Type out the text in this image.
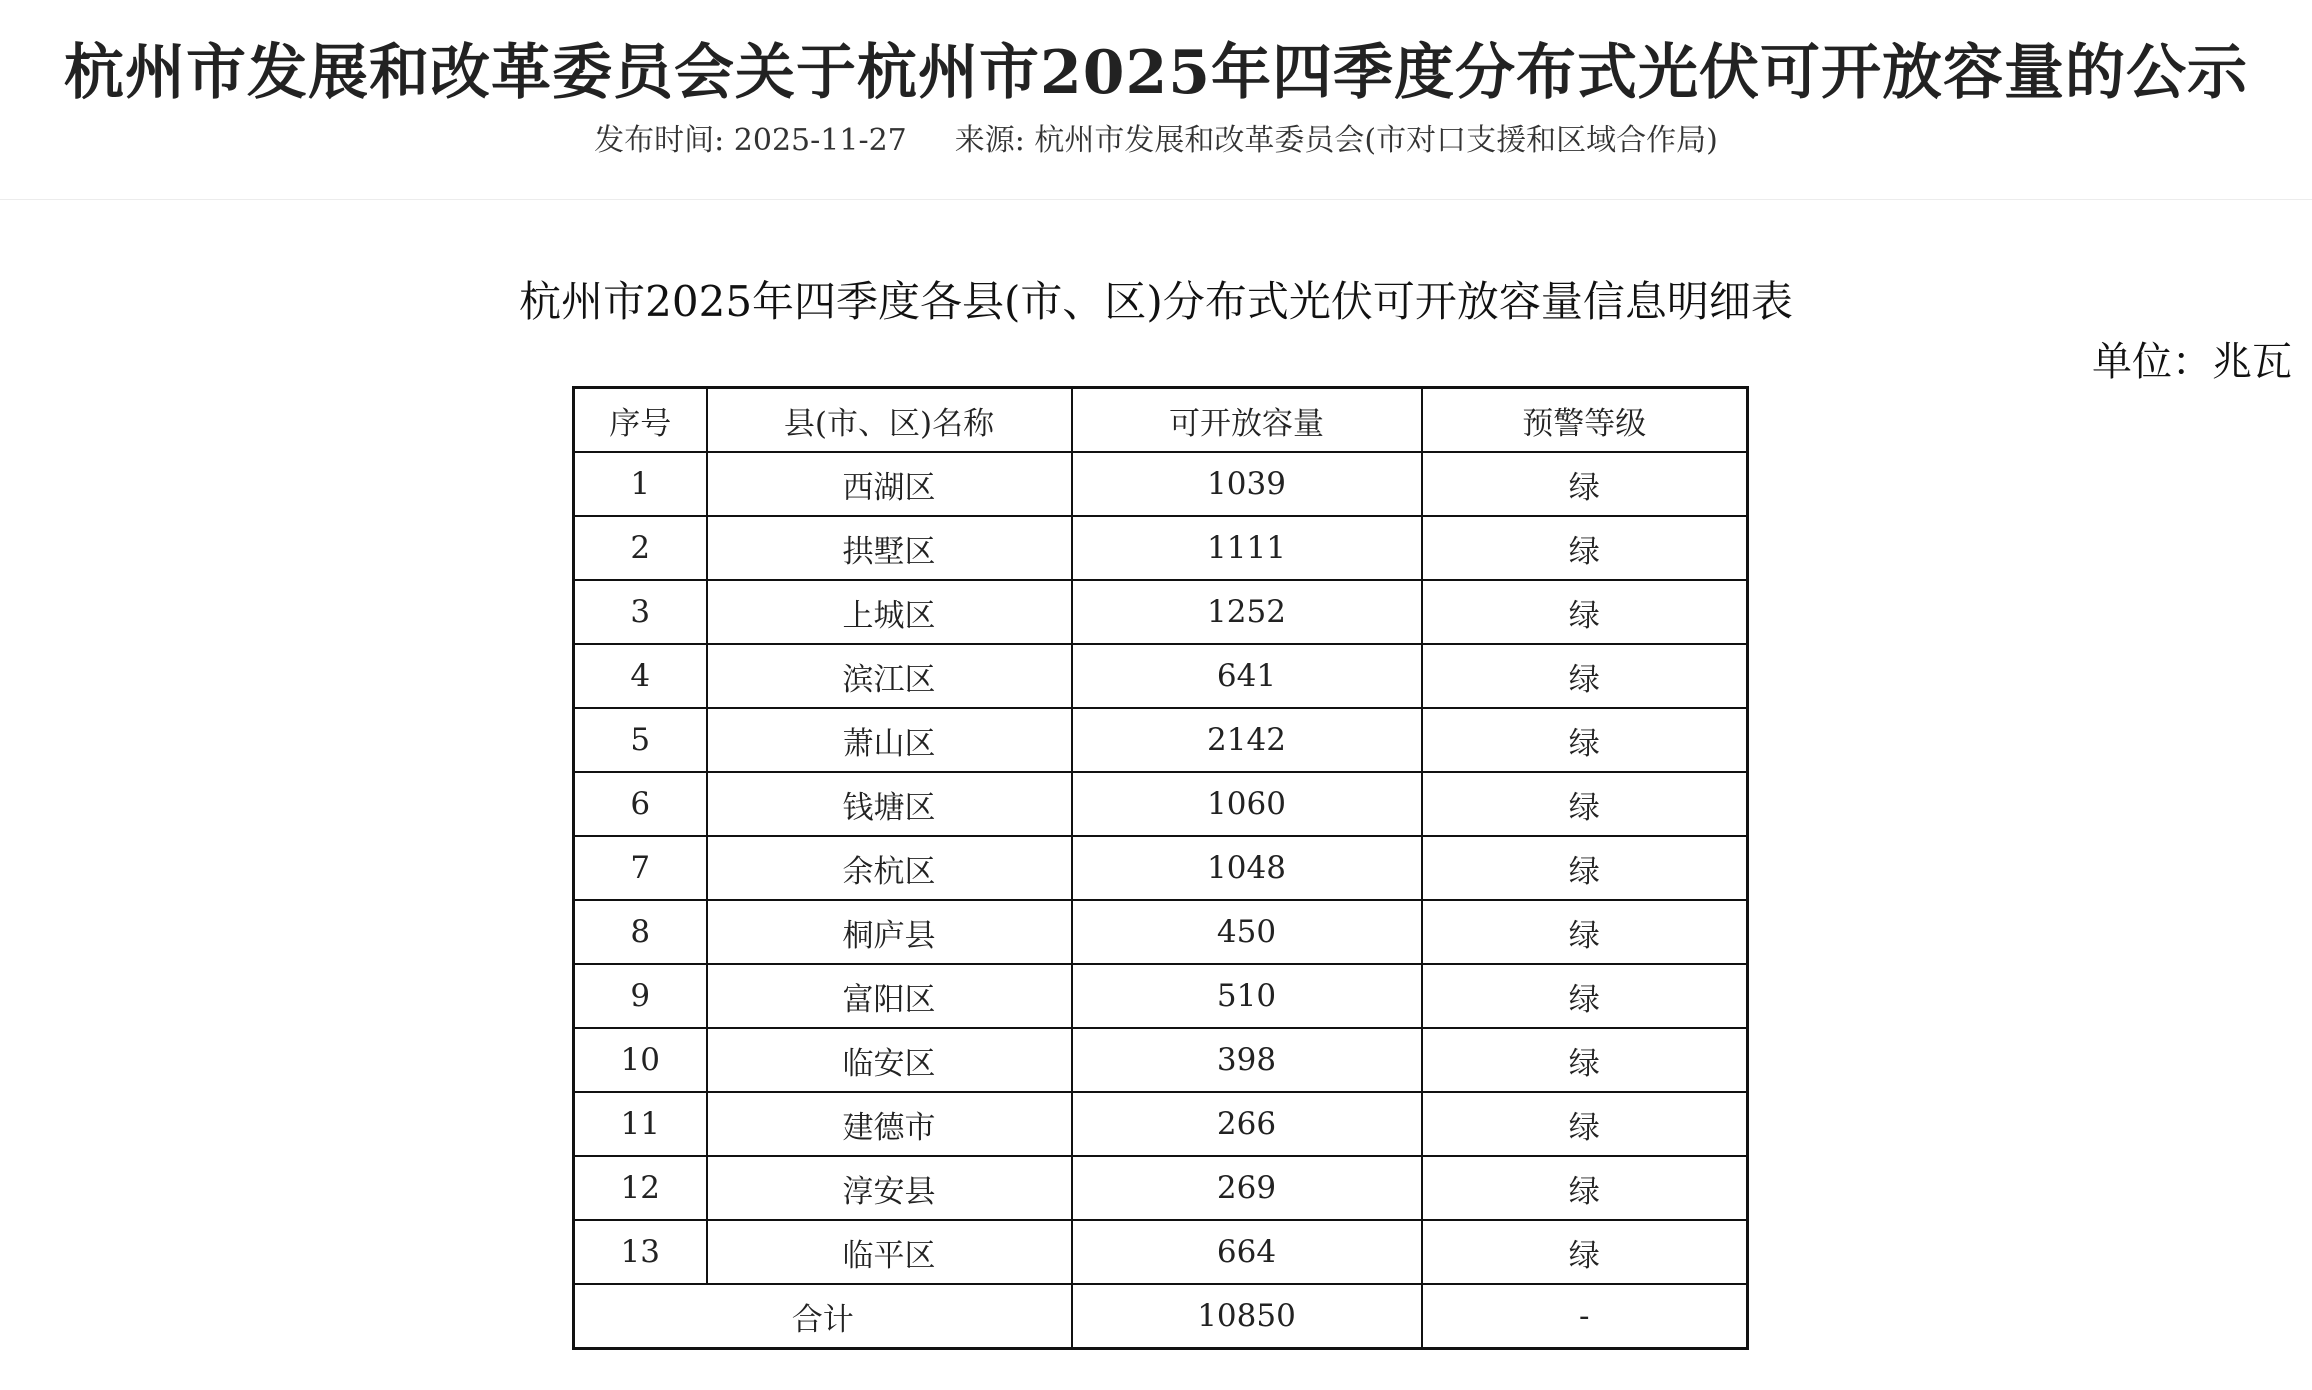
杭州市发展和改革委员会关于杭州市2025年四季度分布式光伏可开放容量的公示
发布时间: 2025-11-27 来源: 杭州市发展和改革委员会(市对口支援和区域合作局)
杭州市2025年四季度各县(市、区)分布式光伏可开放容量信息明细表
单位：兆瓦
序号	县(市、区)名称	可开放容量	预警等级
1	西湖区	1039	绿
2	拱墅区	1111	绿
3	上城区	1252	绿
4	滨江区	641	绿
5	萧山区	2142	绿
6	钱塘区	1060	绿
7	余杭区	1048	绿
8	桐庐县	450	绿
9	富阳区	510	绿
10	临安区	398	绿
11	建德市	266	绿
12	淳安县	269	绿
13	临平区	664	绿
合计		10850	-
